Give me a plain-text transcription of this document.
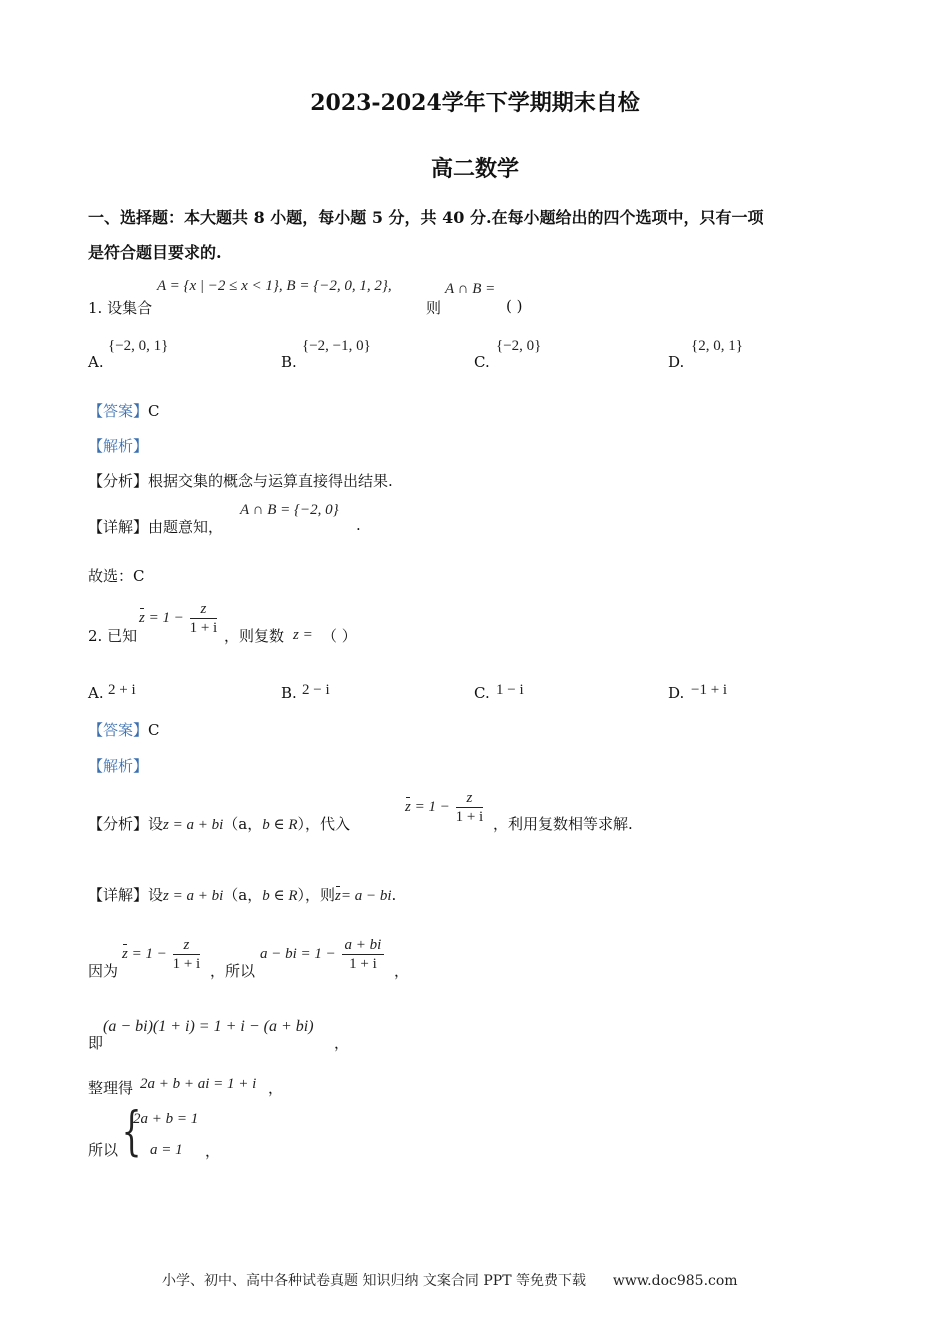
2023-2024学年下学期期末自检
高二数学
一、选择题：本大题共 8 小题，每小题 5 分，共 40 分.在每小题给出的四个选项中，只有一项
是符合题目要求的.
1. 设集合
A = {x | −2 ≤ x < 1}, B = {−2, 0, 1, 2},
则
A ∩ B =
( )
A.
{−2, 0, 1}
B.
{−2, −1, 0}
C.
{−2, 0}
D.
{2, 0, 1}
【答案】C
【解析】
【分析】根据交集的概念与运算直接得出结果.
【详解】由题意知，
A ∩ B = {−2, 0}
.
故选：C
2. 已知
$z = 1 - \frac{z}{1 + i}$ ，则复数 z = （ ）
A. 2 + i	B. 2 − i	C. 1 − i	D. −1 + i
【答案】C
【解析】
【分析】设z = a + bi（a，b ∈ R），代入
$z = 1 - \frac{z}{1 + i}$ ，利用复数相等求解.
【详解】设z = a + bi（a，b ∈ R），则z= a − bi.
因为
$z = 1 - \frac{z}{1 + i}$ ，所以
a − bi = $1 - \frac{a + bi}{1 + i}$ ，
即
(a − bi)(1 + i) = 1 + i − (a + bi)
，
整理得 2a + b + ai = 1 + i ，
所以 {
2a + b = 1
a = 1 ，
小学、初中、高中各种试卷真题 知识归纳 文案合同 PPT 等免费下载 www.doc985.com
